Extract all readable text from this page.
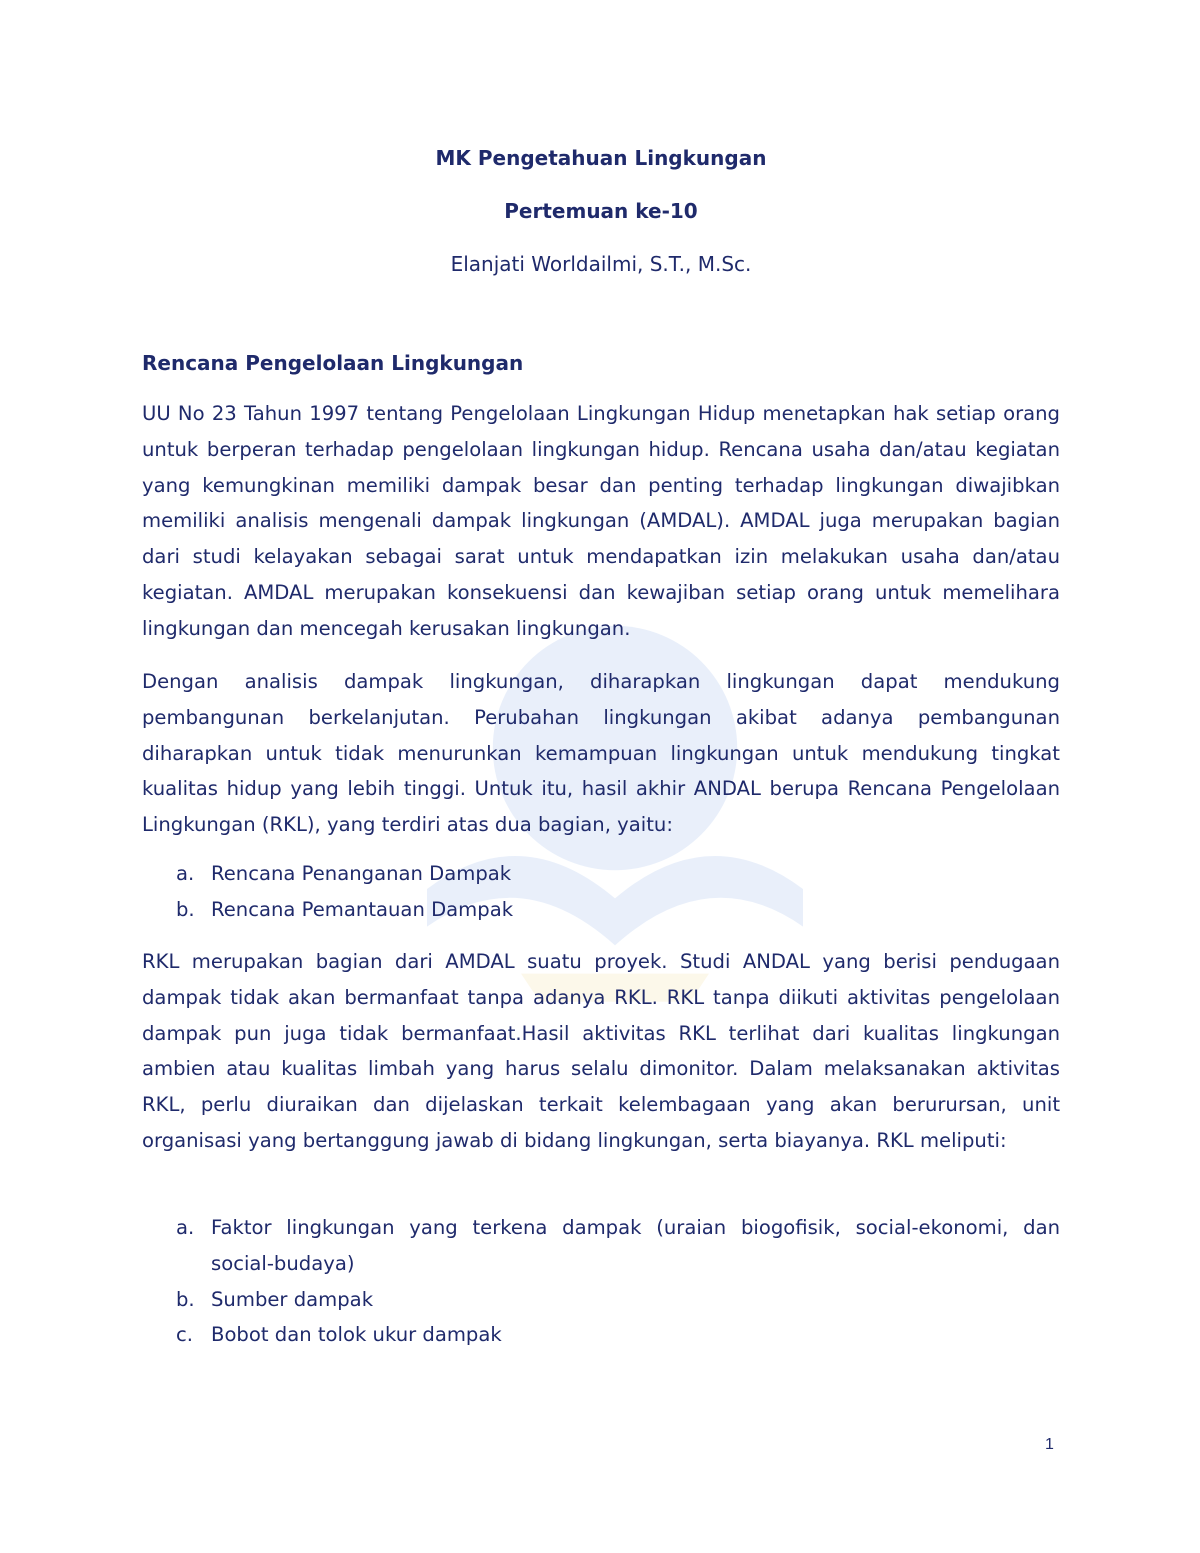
MK Pengetahuan Lingkungan
Pertemuan ke-10
Elanjati Worldailmi, S.T., M.Sc.
Rencana Pengelolaan Lingkungan

UU No 23 Tahun 1997 tentang Pengelolaan Lingkungan Hidup menetapkan hak setiap orang untuk berperan terhadap pengelolaan lingkungan hidup. Rencana usaha dan/atau kegiatan yang kemungkinan memiliki dampak besar dan penting terhadap lingkungan diwajibkan memiliki analisis mengenali dampak lingkungan (AMDAL). AMDAL juga merupakan bagian dari studi kelayakan sebagai sarat untuk mendapatkan izin melakukan usaha dan/atau kegiatan. AMDAL merupakan konsekuensi dan kewajiban setiap orang untuk memelihara lingkungan dan mencegah kerusakan lingkungan.

Dengan analisis dampak lingkungan, diharapkan lingkungan dapat mendukung pembangunan berkelanjutan. Perubahan lingkungan akibat adanya pembangunan diharapkan untuk tidak menurunkan kemampuan lingkungan untuk mendukung tingkat kualitas hidup yang lebih tinggi. Untuk itu, hasil akhir ANDAL berupa Rencana Pengelolaan Lingkungan (RKL), yang terdiri atas dua bagian, yaitu:

a. Rencana Penanganan Dampak
b. Rencana Pemantauan Dampak

RKL merupakan bagian dari AMDAL suatu proyek. Studi ANDAL yang berisi pendugaan dampak tidak akan bermanfaat tanpa adanya RKL. RKL tanpa diikuti aktivitas pengelolaan dampak pun juga tidak bermanfaat.Hasil aktivitas RKL terlihat dari kualitas lingkungan ambien atau kualitas limbah yang harus selalu dimonitor. Dalam melaksanakan aktivitas RKL, perlu diuraikan dan dijelaskan terkait kelembagaan yang akan berurursan, unit organisasi yang bertanggung jawab di bidang lingkungan, serta biayanya. RKL meliputi:

a. Faktor lingkungan yang terkena dampak (uraian biogofisik, social-ekonomi, dan social-budaya)
b. Sumber dampak
c. Bobot dan tolok ukur dampak
1
